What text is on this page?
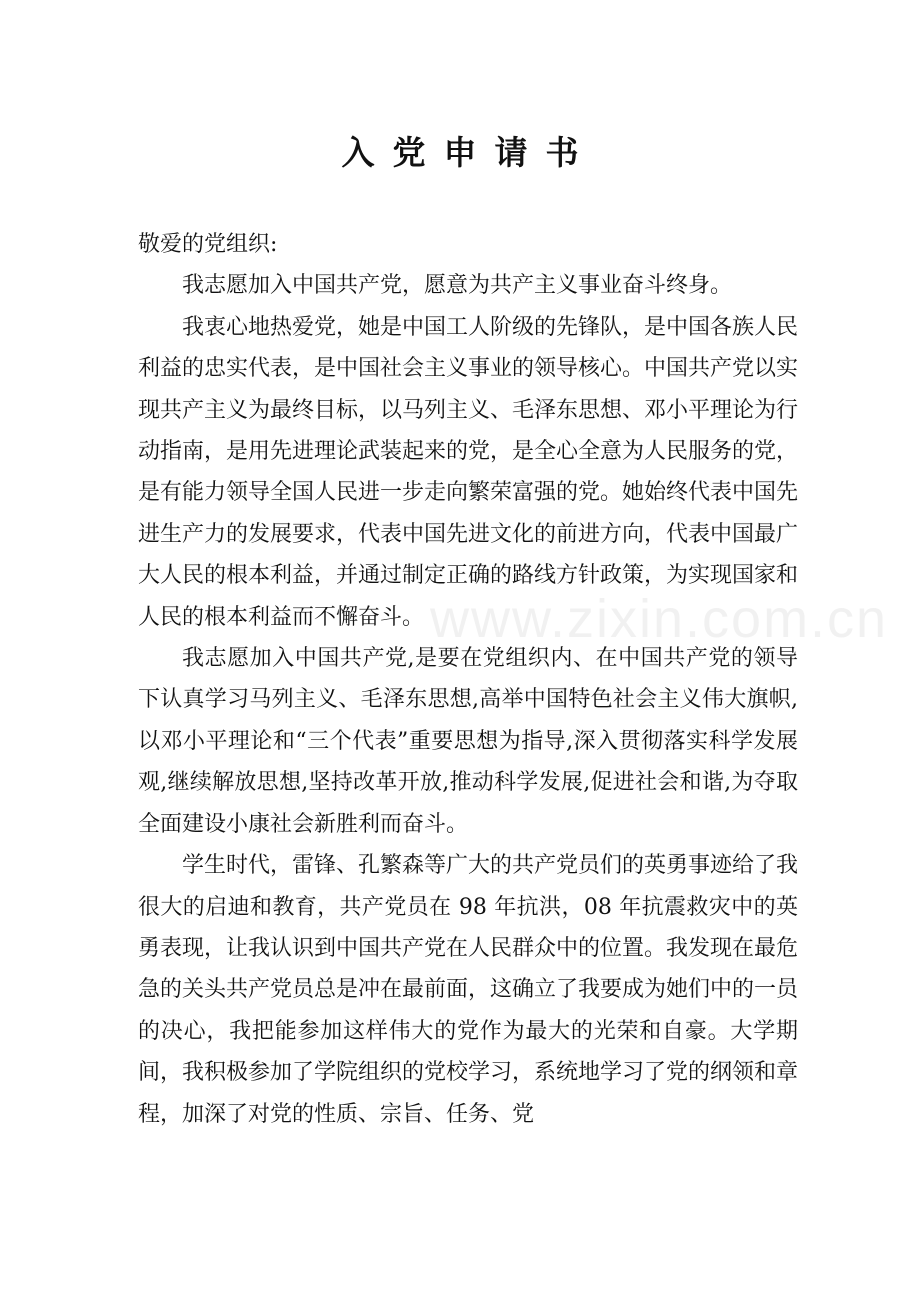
www.zixin.com.cn
入党申请书

敬爱的党组织:

我志愿加入中国共产党，愿意为共产主义事业奋斗终身。

我衷心地热爱党，她是中国工人阶级的先锋队，是中国各族人民利益的忠实代表，是中国社会主义事业的领导核心。中国共产党以实现共产主义为最终目标，以马列主义、毛泽东思想、邓小平理论为行动指南，是用先进理论武装起来的党，是全心全意为人民服务的党，是有能力领导全国人民进一步走向繁荣富强的党。她始终代表中国先进生产力的发展要求，代表中国先进文化的前进方向，代表中国最广大人民的根本利益，并通过制定正确的路线方针政策，为实现国家和人民的根本利益而不懈奋斗。

我志愿加入中国共产党,是要在党组织内、在中国共产党的领导下认真学习马列主义、毛泽东思想,高举中国特色社会主义伟大旗帜,以邓小平理论和“三个代表”重要思想为指导,深入贯彻落实科学发展观,继续解放思想,坚持改革开放,推动科学发展,促进社会和谐,为夺取全面建设小康社会新胜利而奋斗。

学生时代，雷锋、孔繁森等广大的共产党员们的英勇事迹给了我很大的启迪和教育，共产党员在 98 年抗洪，08 年抗震救灾中的英勇表现，让我认识到中国共产党在人民群众中的位置。我发现在最危急的关头共产党员总是冲在最前面，这确立了我要成为她们中的一员的决心，我把能参加这样伟大的党作为最大的光荣和自豪。大学期间，我积极参加了学院组织的党校学习，系统地学习了党的纲领和章程，加深了对党的性质、宗旨、任务、党
